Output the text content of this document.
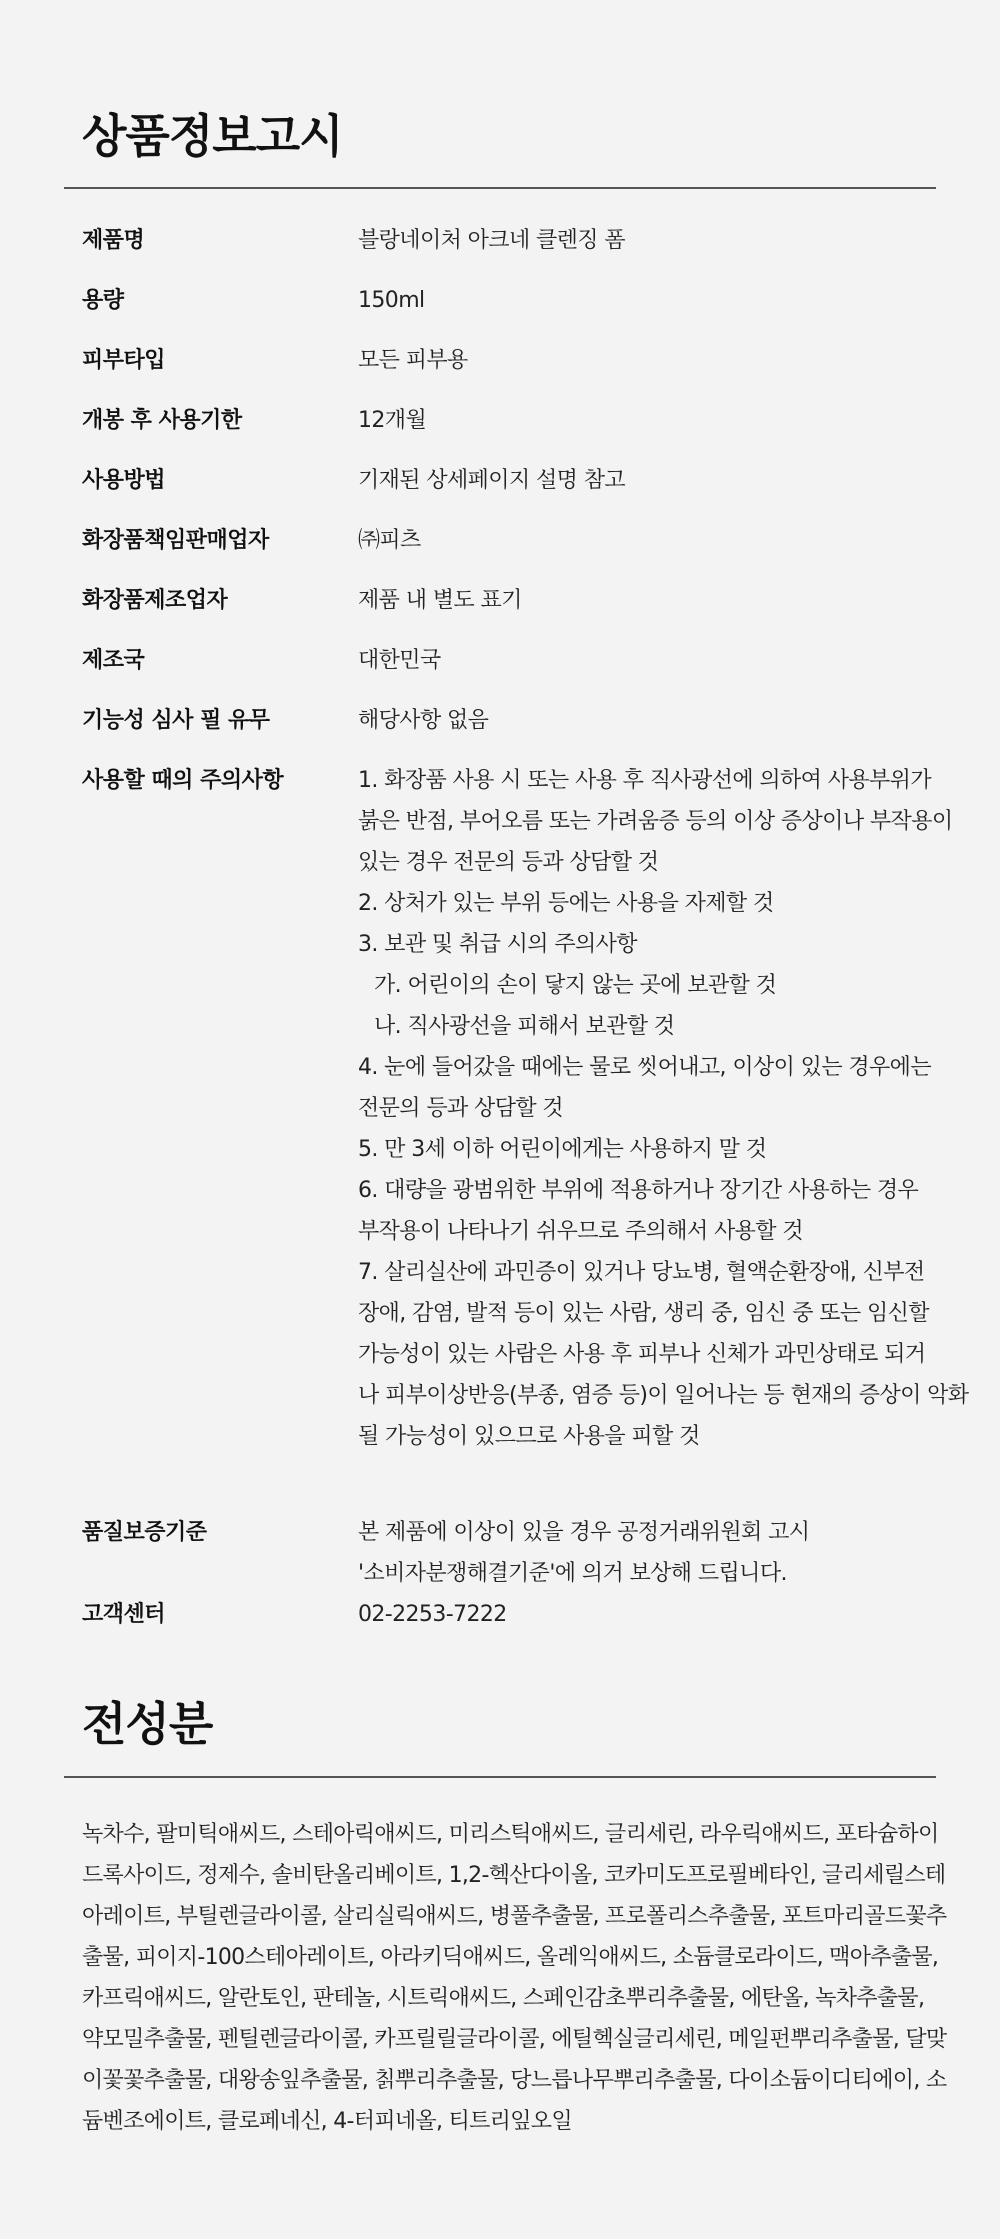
상품정보고시
제품명	블랑네이처 아크네 클렌징 폼
용량	150ml
피부타입	모든 피부용
개봉 후 사용기한	12개월
사용방법	기재된 상세페이지 설명 참고
화장품책임판매업자	㈜피츠
화장품제조업자	제품 내 별도 표기
제조국	대한민국
기능성 심사 필 유무	해당사항 없음
사용할 때의 주의사항	1. 화장품 사용 시 또는 사용 후 직사광선에 의하여 사용부위가
붉은 반점, 부어오름 또는 가려움증 등의 이상 증상이나 부작용이
있는 경우 전문의 등과 상담할 것
2. 상처가 있는 부위 등에는 사용을 자제할 것
3. 보관 및 취급 시의 주의사항
가. 어린이의 손이 닿지 않는 곳에 보관할 것
나. 직사광선을 피해서 보관할 것
4. 눈에 들어갔을 때에는 물로 씻어내고, 이상이 있는 경우에는
전문의 등과 상담할 것
5. 만 3세 이하 어린이에게는 사용하지 말 것
6. 대량을 광범위한 부위에 적용하거나 장기간 사용하는 경우
부작용이 나타나기 쉬우므로 주의해서 사용할 것
7. 살리실산에 과민증이 있거나 당뇨병, 혈액순환장애, 신부전
장애, 감염, 발적 등이 있는 사람, 생리 중, 임신 중 또는 임신할
가능성이 있는 사람은 사용 후 피부나 신체가 과민상태로 되거
나 피부이상반응(부종, 염증 등)이 일어나는 등 현재의 증상이 악화
될 가능성이 있으므로 사용을 피할 것
품질보증기준	본 제품에 이상이 있을 경우 공정거래위원회 고시
'소비자분쟁해결기준'에 의거 보상해 드립니다.
고객센터	02-2253-7222
전성분
녹차수, 팔미틱애씨드, 스테아릭애씨드, 미리스틱애씨드, 글리세린, 라우릭애씨드, 포타슘하이
드록사이드, 정제수, 솔비탄올리베이트, 1,2-헥산다이올, 코카미도프로필베타인, 글리세릴스테
아레이트, 부틸렌글라이콜, 살리실릭애씨드, 병풀추출물, 프로폴리스추출물, 포트마리골드꽃추
출물, 피이지-100스테아레이트, 아라키딕애씨드, 올레익애씨드, 소듐클로라이드, 맥아추출물,
카프릭애씨드, 알란토인, 판테놀, 시트릭애씨드, 스페인감초뿌리추출물, 에탄올, 녹차추출물,
약모밀추출물, 펜틸렌글라이콜, 카프릴릴글라이콜, 에틸헥실글리세린, 메일펀뿌리추출물, 달맞
이꽃꽃추출물, 대왕송잎추출물, 칡뿌리추출물, 당느릅나무뿌리추출물, 다이소듐이디티에이, 소
듐벤조에이트, 클로페네신, 4-터피네올, 티트리잎오일
